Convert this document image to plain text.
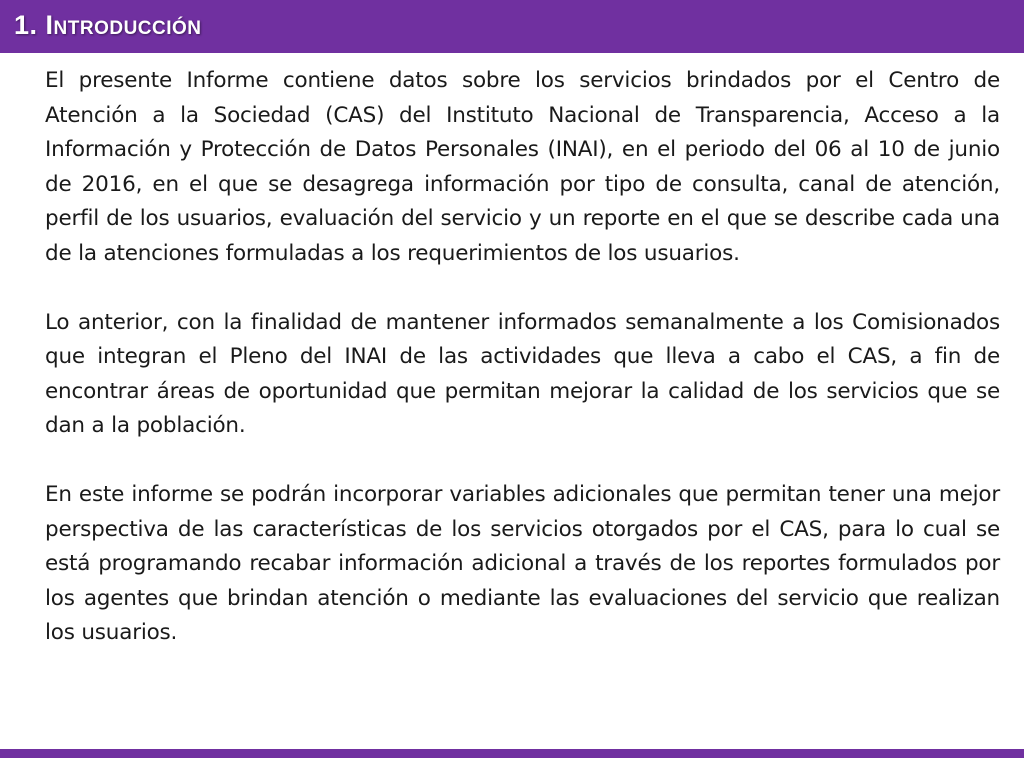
1. Introducción

El presente Informe contiene datos sobre los servicios brindados por el Centro de Atención a la Sociedad (CAS) del Instituto Nacional de Transparencia, Acceso a la Información y Protección de Datos Personales (INAI), en el periodo del 06 al 10 de junio de 2016, en el que se desagrega información por tipo de consulta, canal de atención, perfil de los usuarios, evaluación del servicio y un reporte en el que se describe cada una de la atenciones formuladas a los requerimientos de los usuarios.

Lo anterior, con la finalidad de mantener informados semanalmente a los Comisionados que integran el Pleno del INAI de las actividades que lleva a cabo el CAS, a fin de encontrar áreas de oportunidad que permitan mejorar la calidad de los servicios que se dan a la población.

En este informe se podrán incorporar variables adicionales que permitan tener una mejor perspectiva de las características de los servicios otorgados por el CAS, para lo cual se está programando recabar información adicional a través de los reportes formulados por los agentes que brindan atención o mediante las evaluaciones del servicio que realizan los usuarios.
